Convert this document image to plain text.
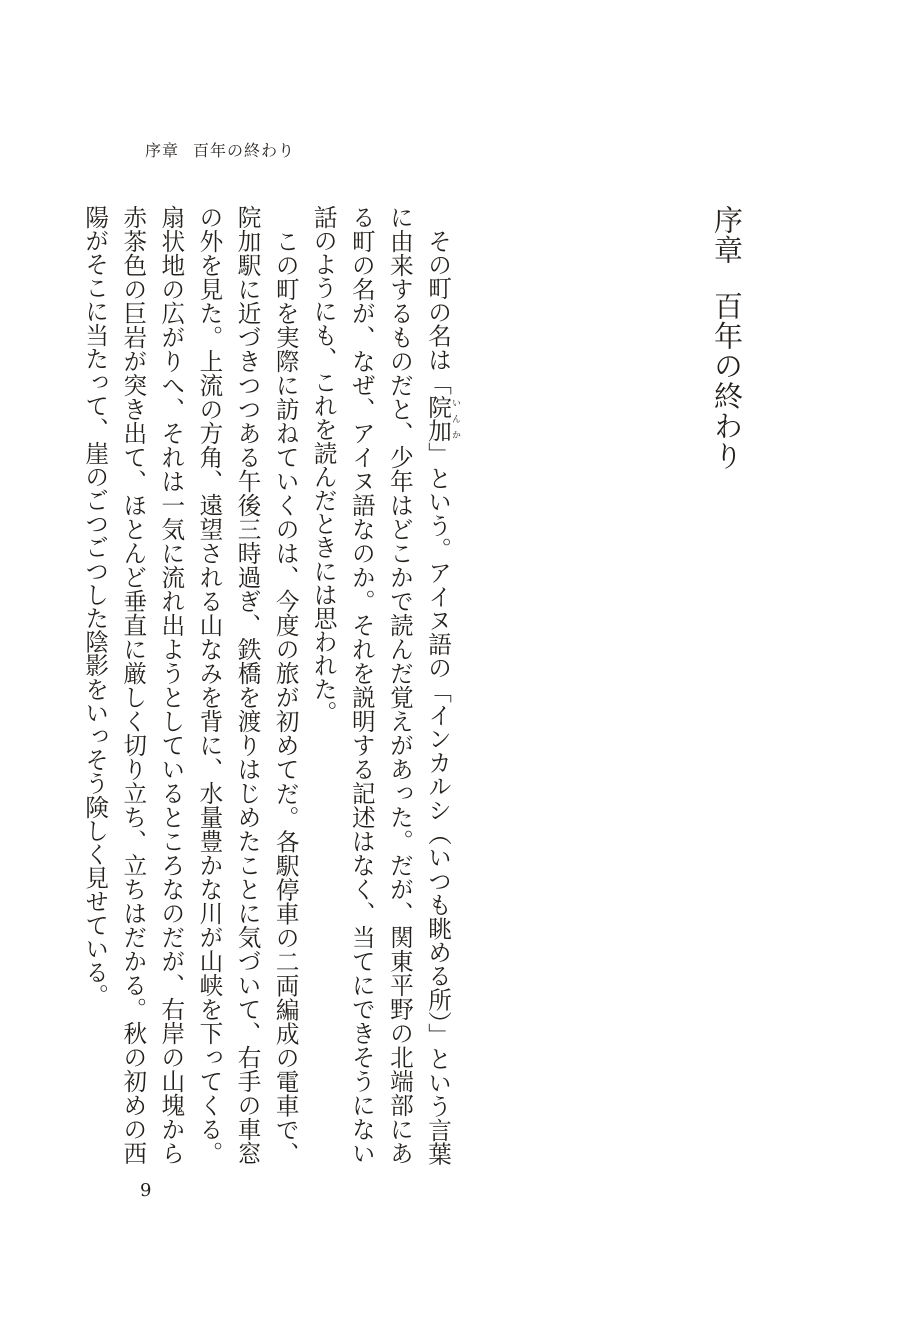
序章 百年の終わり
序章百年の終わり

その町の名は「院加いんか」という。アイヌ語の「インカルシ（いつも眺める所）」という言葉に由来するものだと、少年はどこかで読んだ覚えがあった。だが、関東平野の北端部にある町の名が、なぜ、アイヌ語なのか。それを説明する記述はなく、当てにできそうにない話のようにも、これを読んだときには思われた。

この町を実際に訪ねていくのは、今度の旅が初めてだ。各駅停車の二両編成の電車で、院加駅に近づきつつある午後三時過ぎ、鉄橋を渡りはじめたことに気づいて、右手の車窓の外を見た。上流の方角、遠望される山なみを背に、水量豊かな川が山峡を下ってくる。扇状地の広がりへ、それは一気に流れ出ようとしているところなのだが、右岸の山塊から赤茶色の巨岩が突き出て、ほとんど垂直に厳しく切り立ち、立ちはだかる。秋の初めの西陽がそこに当たって、崖のごつごつした陰影をいっそう険しく見せている。

9
